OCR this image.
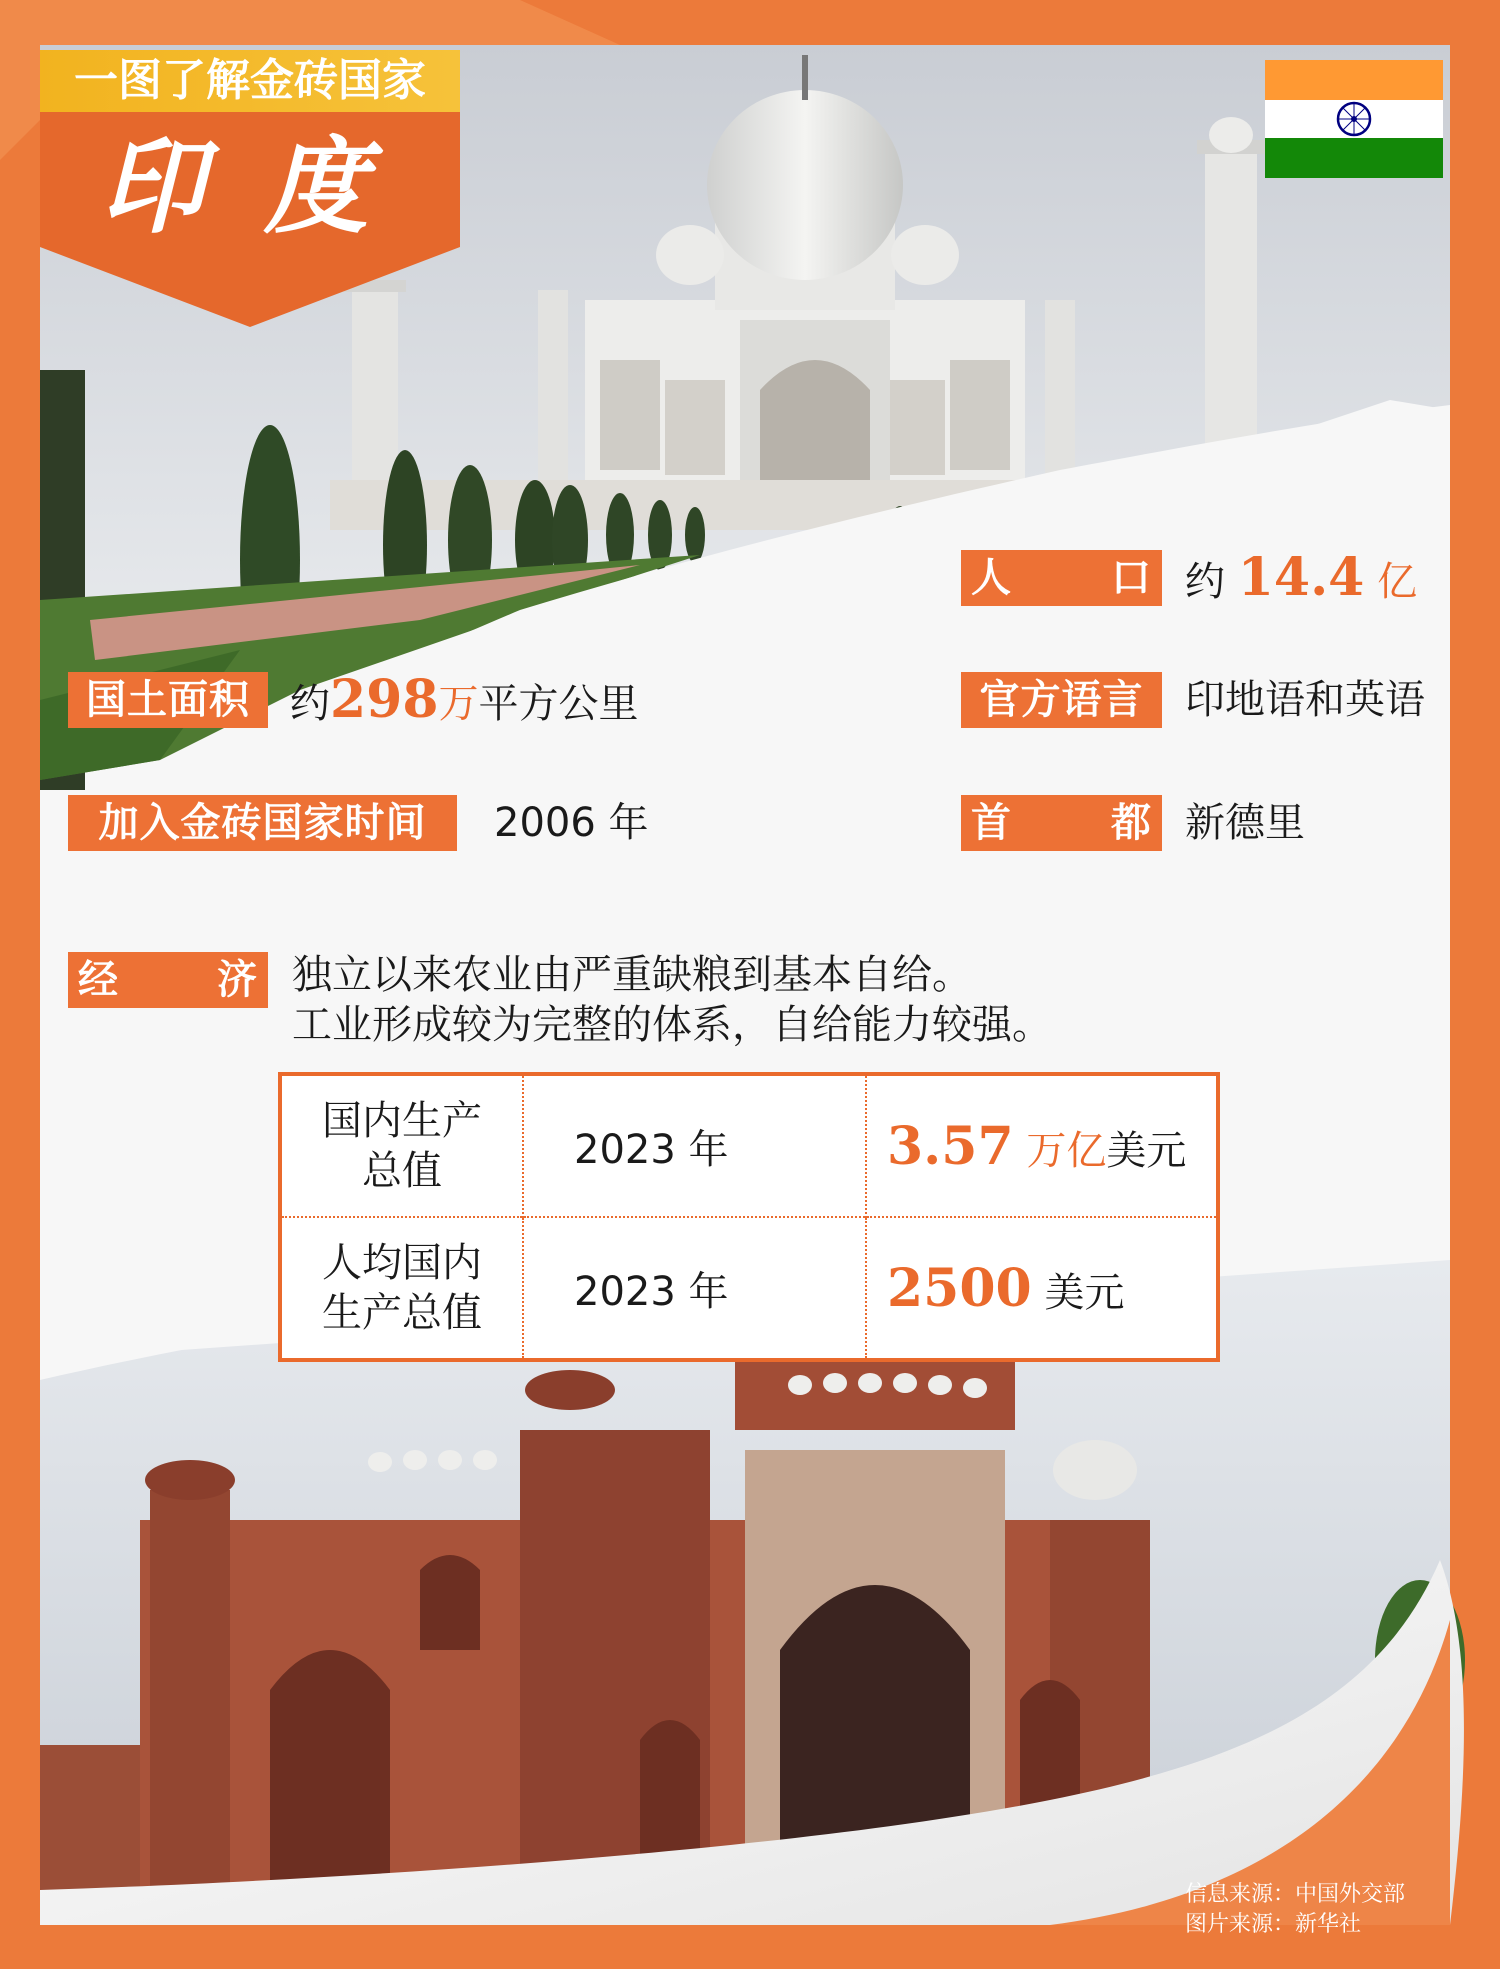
一图了解金砖国家
印度
人 口 约 14.4 亿
国土面积 约298万平方公里	官方语言 印地语和英语
加入金砖国家时间 2006 年	首 都 新德里
经 济 独立以来农业由严重缺粮到基本自给。
工业形成较为完整的体系，自给能力较强。
国内生产
总值	2023 年	3.57 万亿美元

人均国内
生产总值	2023 年	2500 美元
信息来源：中国外交部
图片来源：新华社
